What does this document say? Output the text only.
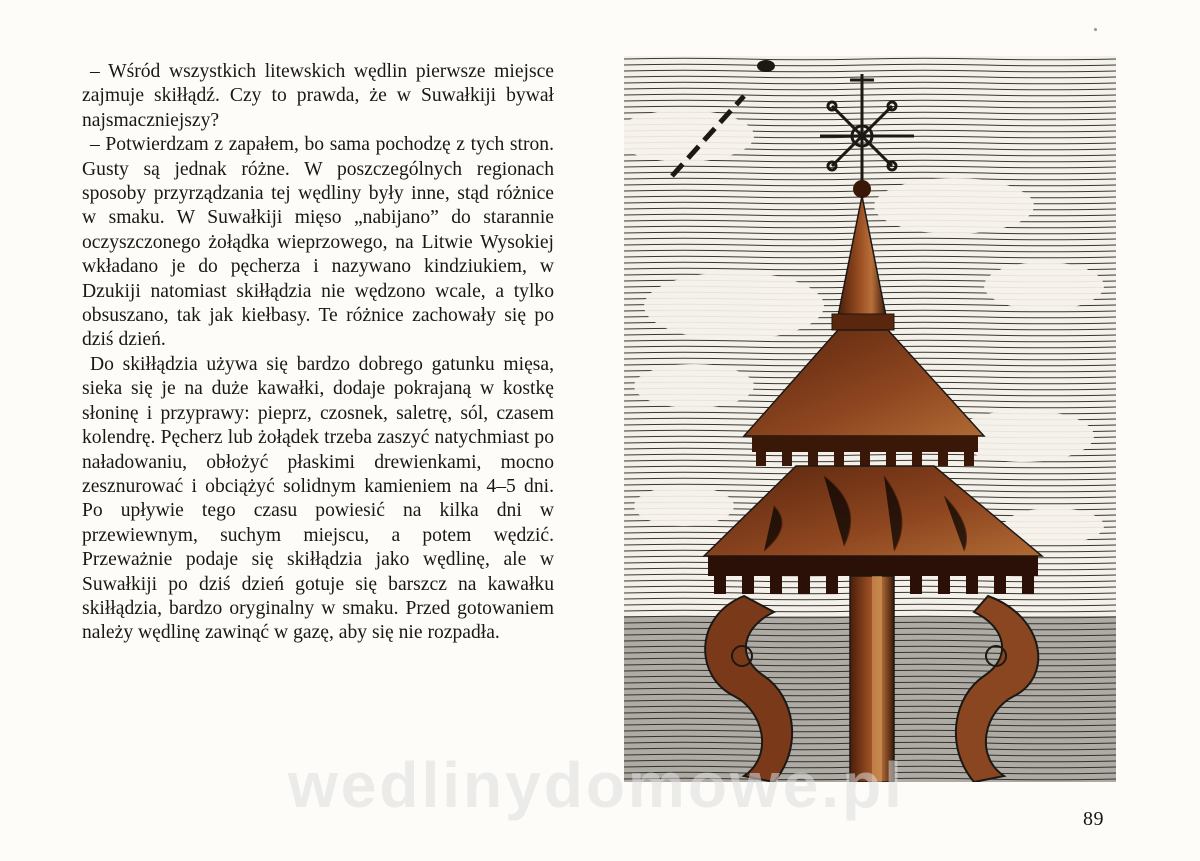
– Wśród wszystkich litewskich wędlin pierwsze miejsce zajmuje skiłłądź. Czy to prawda, że w Suwałkiji bywał najsmaczniejszy?

– Potwierdzam z zapałem, bo sama pochodzę z tych stron. Gusty są jednak różne. W poszczególnych regionach sposoby przyrządzania tej wędliny były inne, stąd różnice w smaku. W Suwałkiji mięso „nabijano” do starannie oczyszczonego żołądka wieprzowego, na Litwie Wysokiej wkładano je do pęcherza i nazywano kindziukiem, w Dzukiji natomiast skiłłądzia nie wędzono wcale, a tylko obsuszano, tak jak kiełbasy. Te różnice zachowały się po dziś dzień.

Do skiłłądzia używa się bardzo dobrego gatunku mięsa, sieka się je na duże kawałki, dodaje pokrajaną w kostkę słoninę i przyprawy: pieprz, czosnek, saletrę, sól, czasem kolendrę. Pęcherz lub żołądek trzeba zaszyć natychmiast po naładowaniu, obłożyć płaskimi drewienkami, mocno zesznurować i obciążyć solidnym kamieniem na 4–5 dni. Po upływie tego czasu powiesić na kilka dni w przewiewnym, suchym miejscu, a potem wędzić. Przeważnie podaje się skiłłądzia jako wędlinę, ale w Suwałkiji po dziś dzień gotuje się barszcz na kawałku skiłłądzia, bardzo oryginalny w smaku. Przed gotowaniem należy wędlinę zawinąć w gazę, aby się nie rozpadła.

89
wedlinydomowe.pl
